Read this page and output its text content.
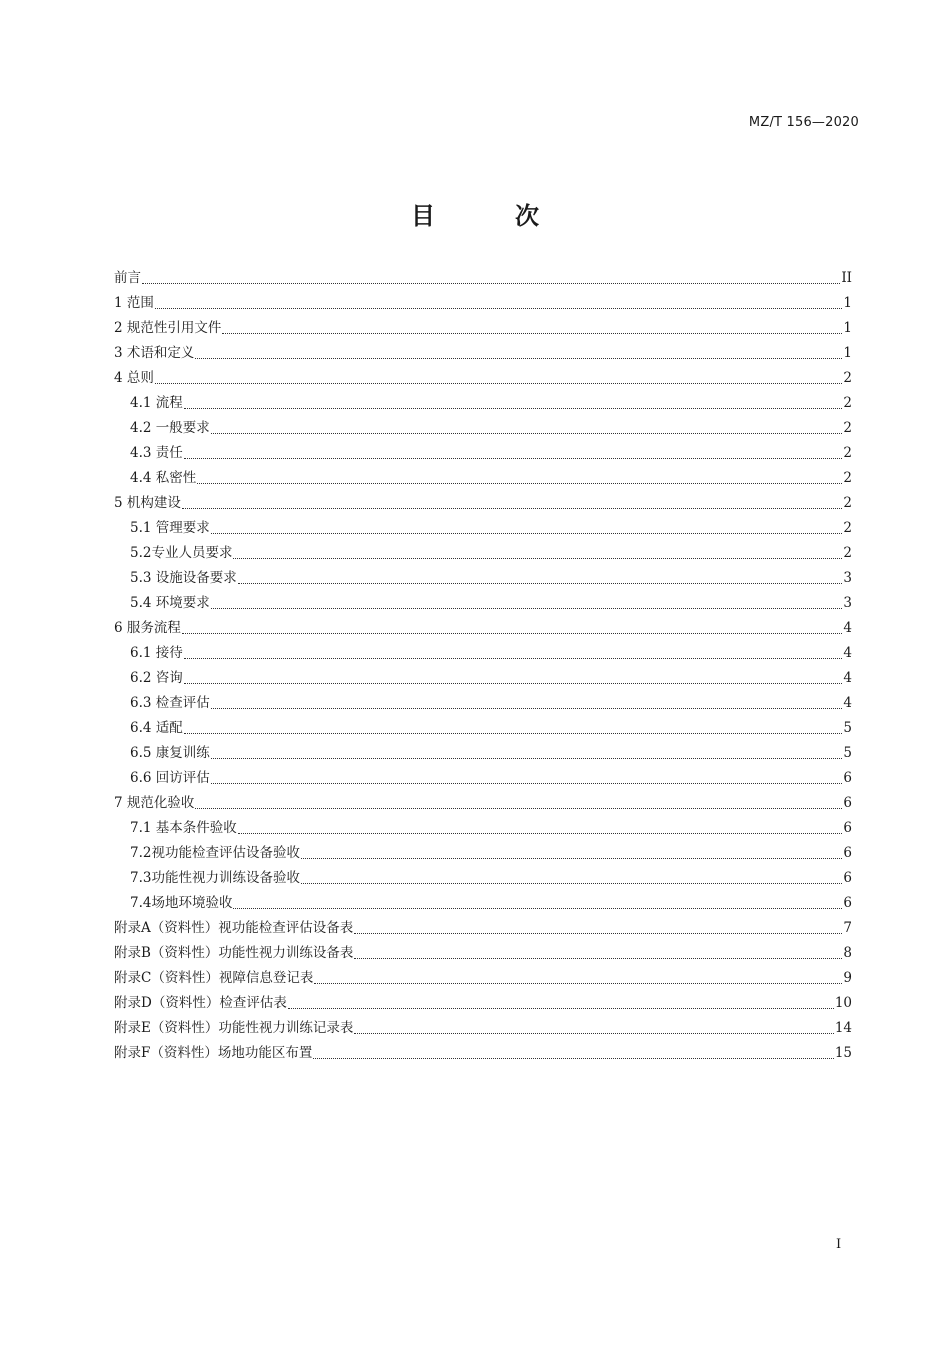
MZ/T 156—2020
目　次
前言	II
1 范围	1
2 规范性引用文件	1
3 术语和定义	1
4 总则	2
4.1 流程	2
4.2 一般要求	2
4.3 责任	2
4.4 私密性	2
5 机构建设	2
5.1 管理要求	2
5.2专业人员要求	2
5.3 设施设备要求	3
5.4 环境要求	3
6 服务流程	4
6.1 接待	4
6.2 咨询	4
6.3 检查评估	4
6.4 适配	5
6.5 康复训练	5
6.6 回访评估	6
7 规范化验收	6
7.1 基本条件验收	6
7.2视功能检查评估设备验收	6
7.3功能性视力训练设备验收	6
7.4场地环境验收	6
附录A（资料性）视功能检查评估设备表	7
附录B（资料性）功能性视力训练设备表	8
附录C（资料性）视障信息登记表	9
附录D（资料性）检查评估表	10
附录E（资料性）功能性视力训练记录表	14
附录F（资料性）场地功能区布置	15
I
